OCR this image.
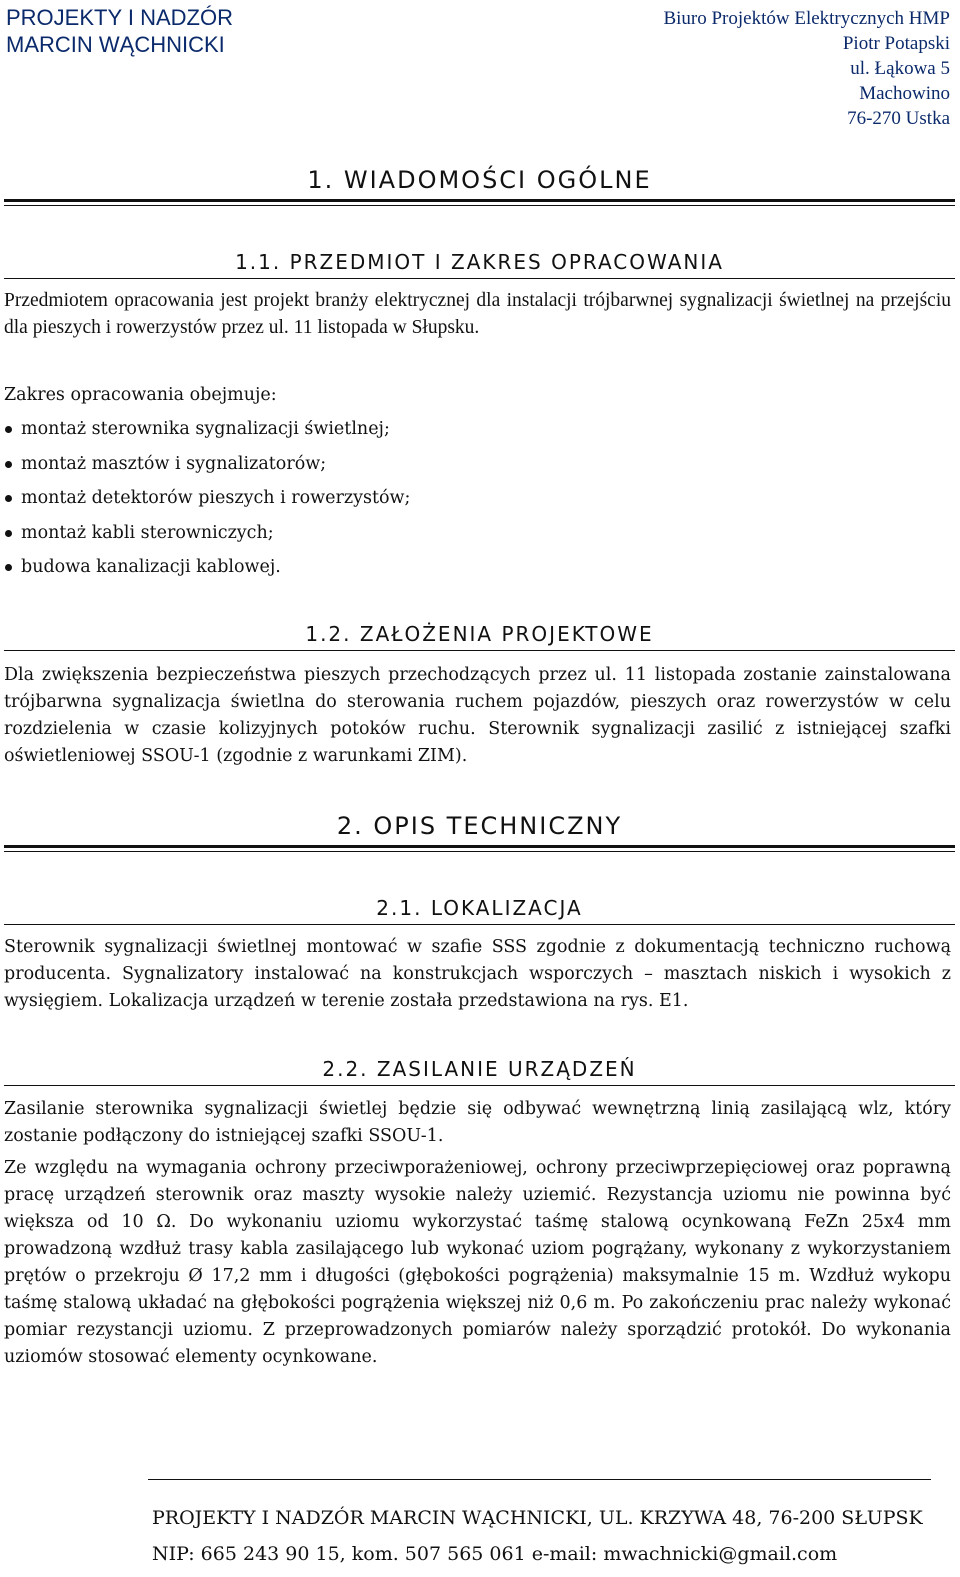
PROJEKTY I NADZÓR
MARCIN WĄCHNICKI
Biuro Projektów Elektrycznych HMP
Piotr Potapski
ul. Łąkowa 5
Machowino
76-270 Ustka
1. WIADOMOŚCI OGÓLNE
1.1. PRZEDMIOT I ZAKRES OPRACOWANIA
Przedmiotem opracowania jest projekt branży elektrycznej dla instalacji trójbarwnej sygnalizacji świetlnej na przejściu dla pieszych i rowerzystów przez ul. 11 listopada w Słupsku.
Zakres opracowania obejmuje:
montaż sterownika sygnalizacji świetlnej;
montaż masztów i sygnalizatorów;
montaż detektorów pieszych i rowerzystów;
montaż kabli sterowniczych;
budowa kanalizacji kablowej.
1.2. ZAŁOŻENIA PROJEKTOWE
Dla zwiększenia bezpieczeństwa pieszych przechodzących przez ul. 11 listopada zostanie zainstalowana trójbarwna sygnalizacja świetlna do sterowania ruchem pojazdów, pieszych oraz rowerzystów w celu rozdzielenia w czasie kolizyjnych potoków ruchu. Sterownik sygnalizacji zasilić z istniejącej szafki oświetleniowej SSOU-1 (zgodnie z warunkami ZIM).
2. OPIS TECHNICZNY
2.1. LOKALIZACJA
Sterownik sygnalizacji świetlnej montować w szafie SSS zgodnie z dokumentacją techniczno ruchową producenta. Sygnalizatory instalować na konstrukcjach wsporczych – masztach niskich i wysokich z wysięgiem. Lokalizacja urządzeń w terenie została przedstawiona na rys. E1.
2.2. ZASILANIE URZĄDZEŃ
Zasilanie sterownika sygnalizacji świetlej będzie się odbywać wewnętrzną linią zasilającą wlz, który zostanie podłączony do istniejącej szafki SSOU-1.
Ze względu na wymagania ochrony przeciwporażeniowej, ochrony przeciwprzepięciowej oraz poprawną pracę urządzeń sterownik oraz maszty wysokie należy uziemić. Rezystancja uziomu nie powinna być większa od 10 Ω. Do wykonaniu uziomu wykorzystać taśmę stalową ocynkowaną FeZn 25x4 mm prowadzoną wzdłuż trasy kabla zasilającego lub wykonać uziom pogrążany, wykonany z wykorzystaniem prętów o przekroju Ø 17,2 mm i długości (głębokości pogrążenia) maksymalnie 15 m. Wzdłuż wykopu taśmę stalową układać na głębokości pogrążenia większej niż 0,6 m. Po zakończeniu prac należy wykonać pomiar rezystancji uziomu. Z przeprowadzonych pomiarów należy sporządzić protokół. Do wykonania uziomów stosować elementy ocynkowane.
PROJEKTY I NADZÓR MARCIN WĄCHNICKI, UL. KRZYWA 48, 76-200 SŁUPSK
NIP: 665 243 90 15, kom. 507 565 061 e-mail: mwachnicki@gmail.com
